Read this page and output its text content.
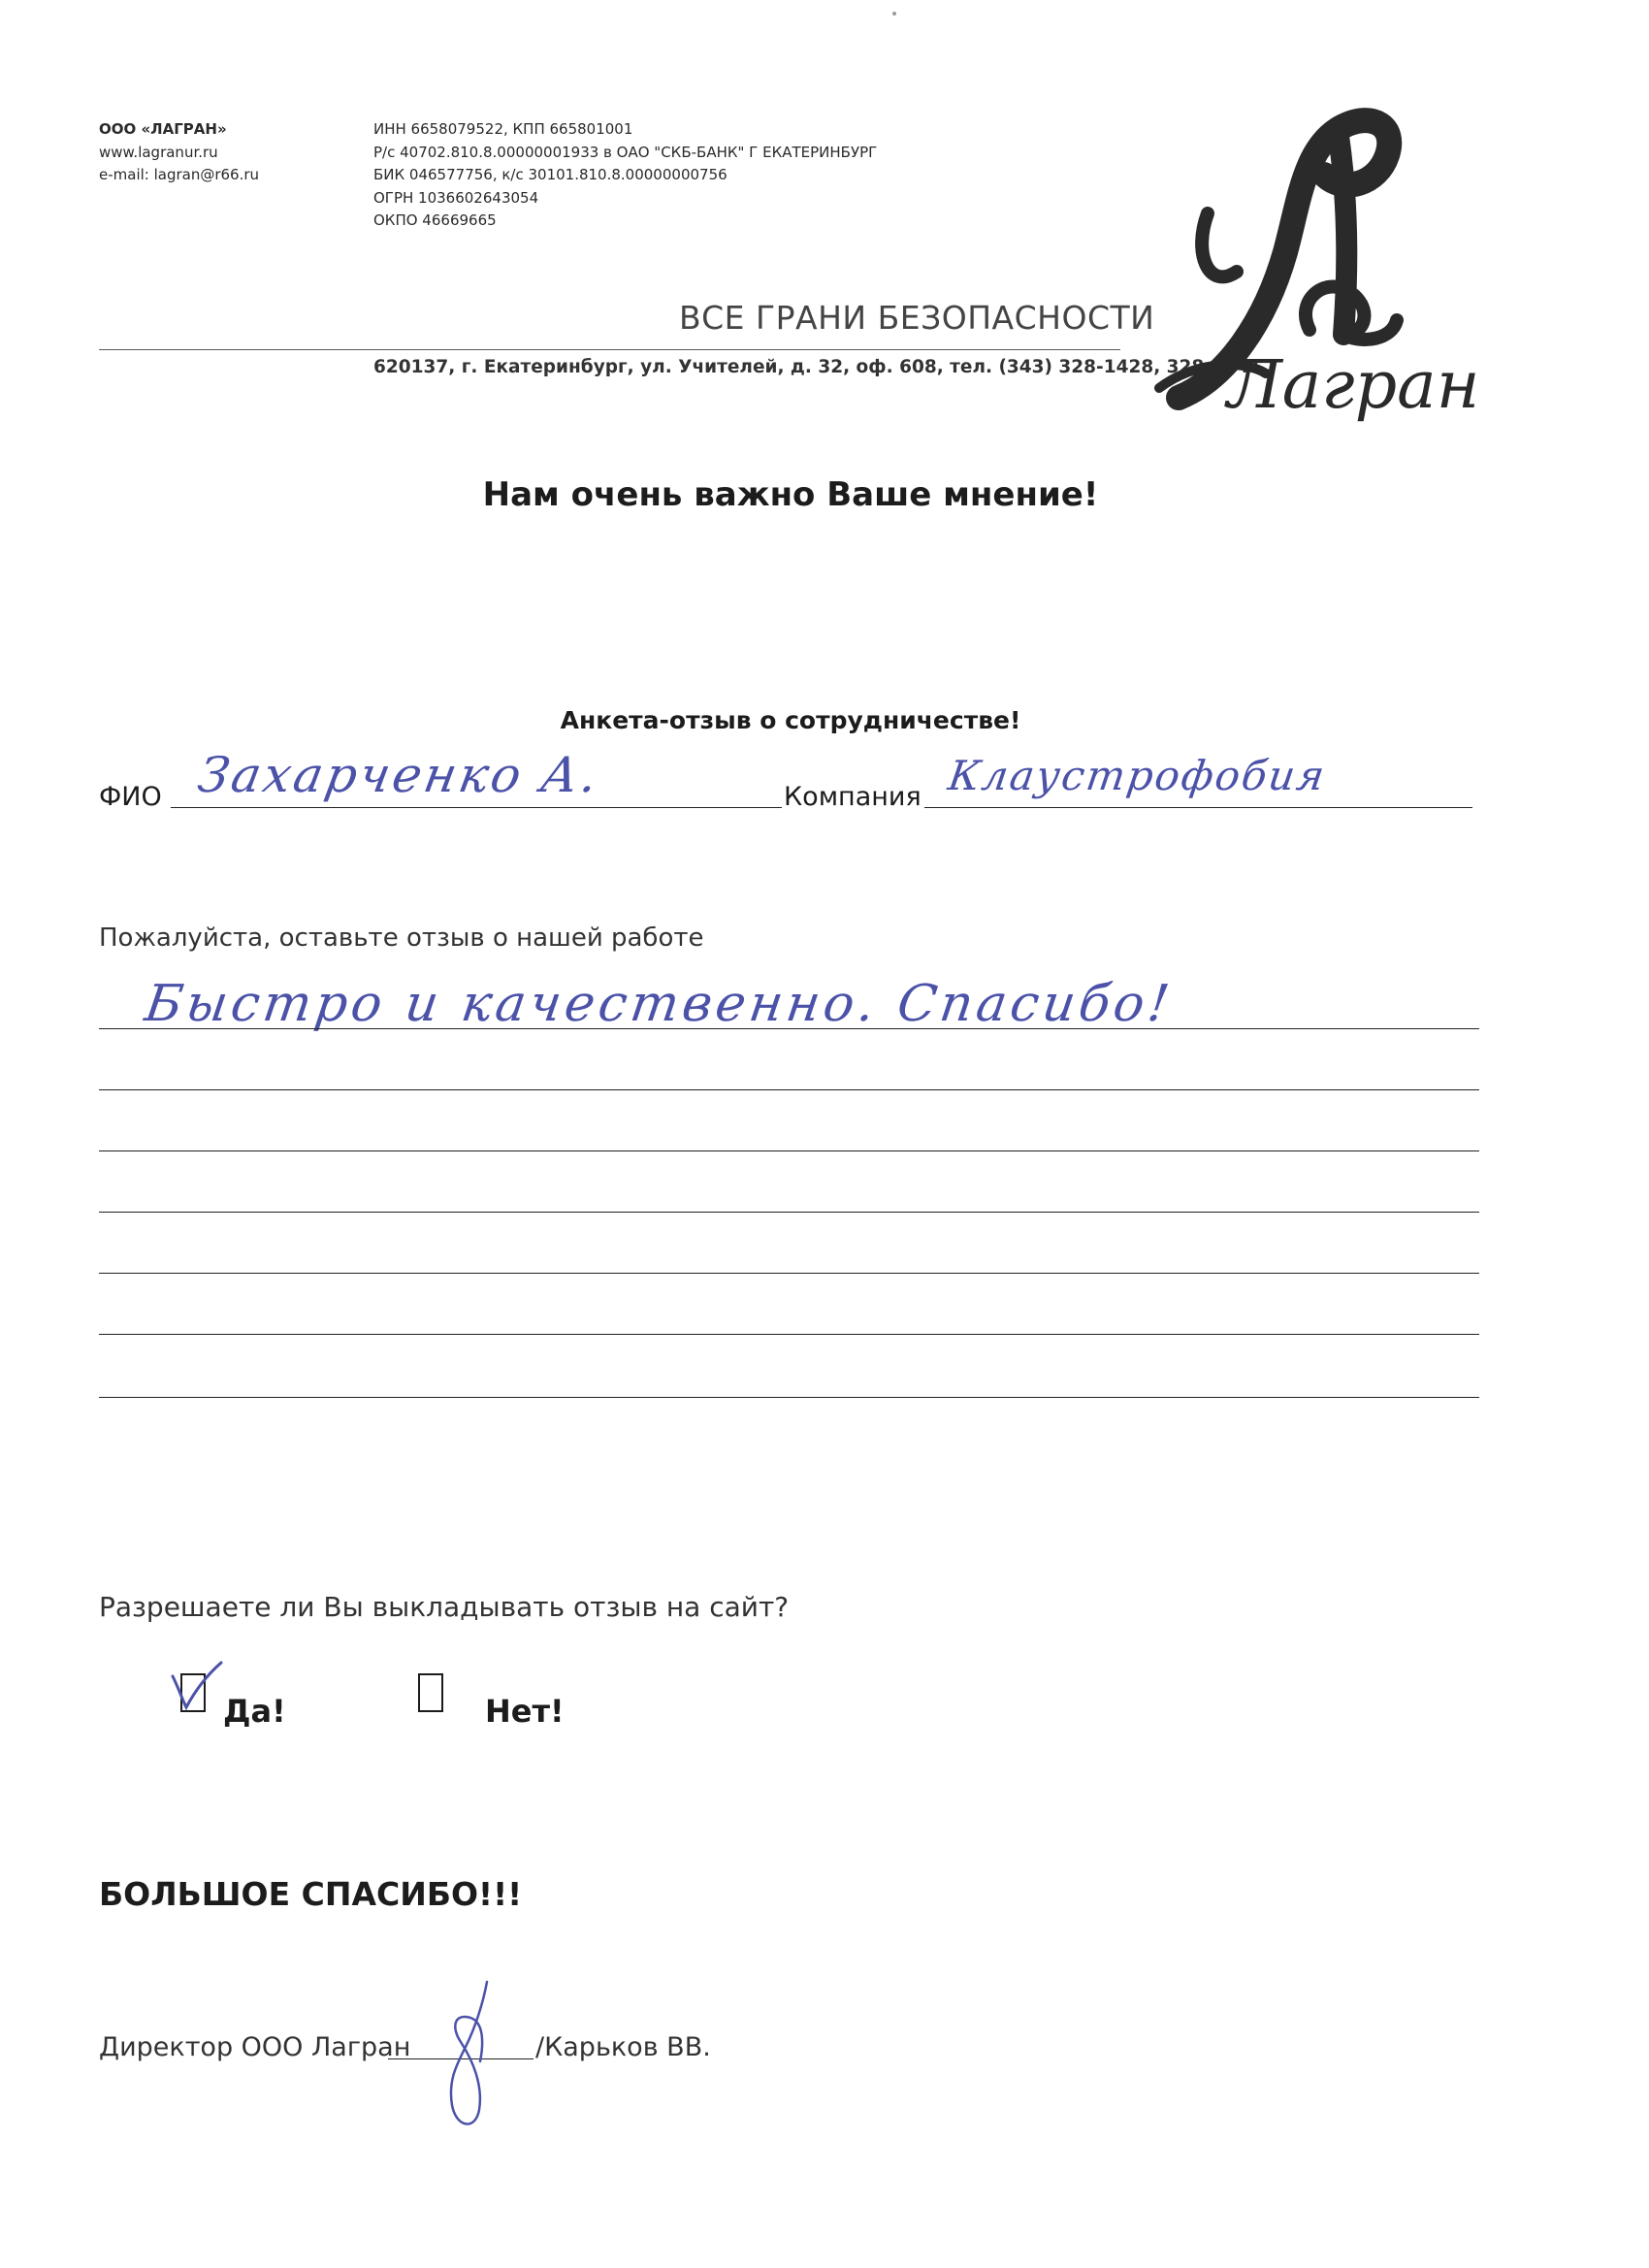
ООО «ЛАГРАН»
www.lagranur.ru
e-mail: lagran@r66.ru
ИНН 6658079522, КПП 665801001
Р/с 40702.810.8.00000001933 в ОАО "СКБ-БАНК" Г ЕКАТЕРИНБУРГ
БИК 046577756, к/с 30101.810.8.00000000756
ОГРН 1036602643054
ОКПО 46669665
ВСЕ ГРАНИ БЕЗОПАСНОСТИ
620137, г. Екатеринбург, ул. Учителей, д. 32, оф. 608, тел. (343) 328-1428, 328-1441
Лагран
Нам очень важно Ваше мнение!
Анкета-отзыв о сотрудничестве!
ФИО Захарченко А.	Компания Клаустрофобия
Пожалуйста, оставьте отзыв о нашей работе
Быстро и качественно. Спасибо!
Разрешаете ли Вы выкладывать отзыв на сайт?
Да!	Нет!
БОЛЬШОЕ СПАСИБО!!!
Директор ООО Лагран	/Карьков ВВ.
